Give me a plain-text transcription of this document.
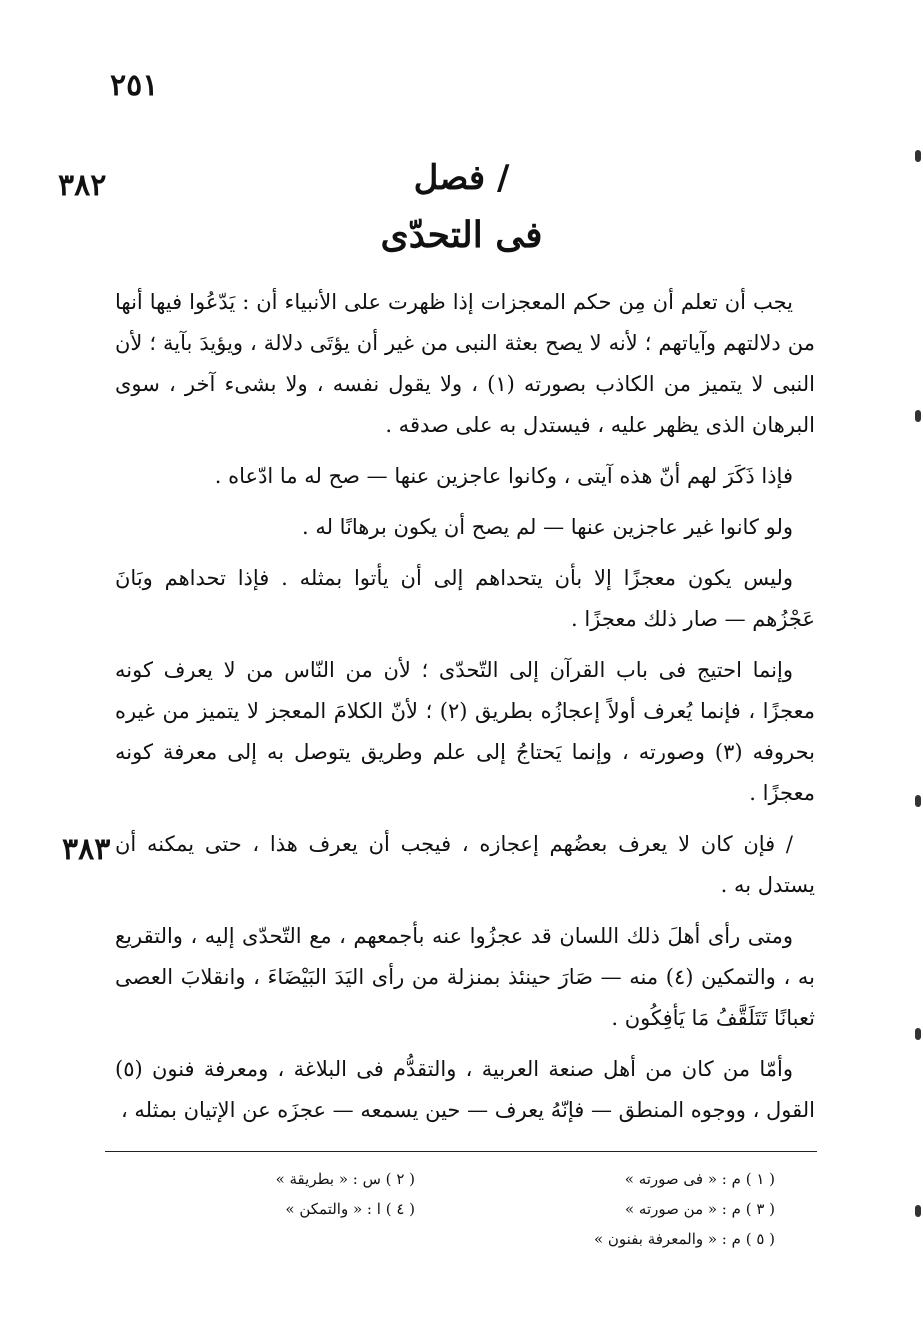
٢٥١
٣٨٢
٣٨٣
/ فصل
فى التحدّى

يجب أن تعلم أن مِن حكم المعجزات إذا ظهرت على الأنبياء أن : يَدّعُوا فيها أنها من دلالتهم وآياتهم ؛ لأنه لا يصح بعثة النبى من غير أن يؤتَى دلالة ، ويؤيدَ بآية ؛ لأن النبى لا يتميز من الكاذب بصورته (١) ، ولا يقول نفسه ، ولا بشىء آخر ، سوى البرهان الذى يظهر عليه ، فيستدل به على صدقه .

فإذا ذَكَرَ لهم أنّ هذه آيتى ، وكانوا عاجزين عنها — صح له ما ادّعاه .

ولو كانوا غير عاجزين عنها — لم يصح أن يكون برهانًا له .

وليس يكون معجزًا إلا بأن يتحداهم إلى أن يأتوا بمثله . فإذا تحداهم وبَانَ عَجْزُهم — صار ذلك معجزًا .

وإنما احتيج فى باب القرآن إلى التّحدّى ؛ لأن من النّاس من لا يعرف كونه معجزًا ، فإنما يُعرف أولاً إعجازُه بطريق (٢) ؛ لأنّ الكلامَ المعجز لا يتميز من غيره بحروفه (٣) وصورته ، وإنما يَحتاجُ إلى علم وطريق يتوصل به إلى معرفة كونه معجزًا .

/ فإن كان لا يعرف بعضُهم إعجازه ، فيجب أن يعرف هذا ، حتى يمكنه أن يستدل به .

ومتى رأى أهلَ ذلك اللسان قد عجزُوا عنه بأجمعهم ، مع التّحدّى إليه ، والتقريع به ، والتمكين (٤) منه — صَارَ حينئذ بمنزلة من رأى اليَدَ البَيْضَاءَ ، وانقلابَ العصى ثعبانًا تَتَلَقَّفُ مَا يَأفِكُون .

وأمّا من كان من أهل صنعة العربية ، والتقدُّم فى البلاغة ، ومعرفة فنون (٥) القول ، ووجوه المنطق — فإنّهُ يعرف — حين يسمعه — عجزَه عن الإتيان بمثله ،

( ١ ) م : « فى صورته »
( ٣ ) م : « من صورته »
( ٥ ) م : « والمعرفة بفنون »
( ٢ ) س : « بطريقة »
( ٤ ) ا : « والتمكن »
